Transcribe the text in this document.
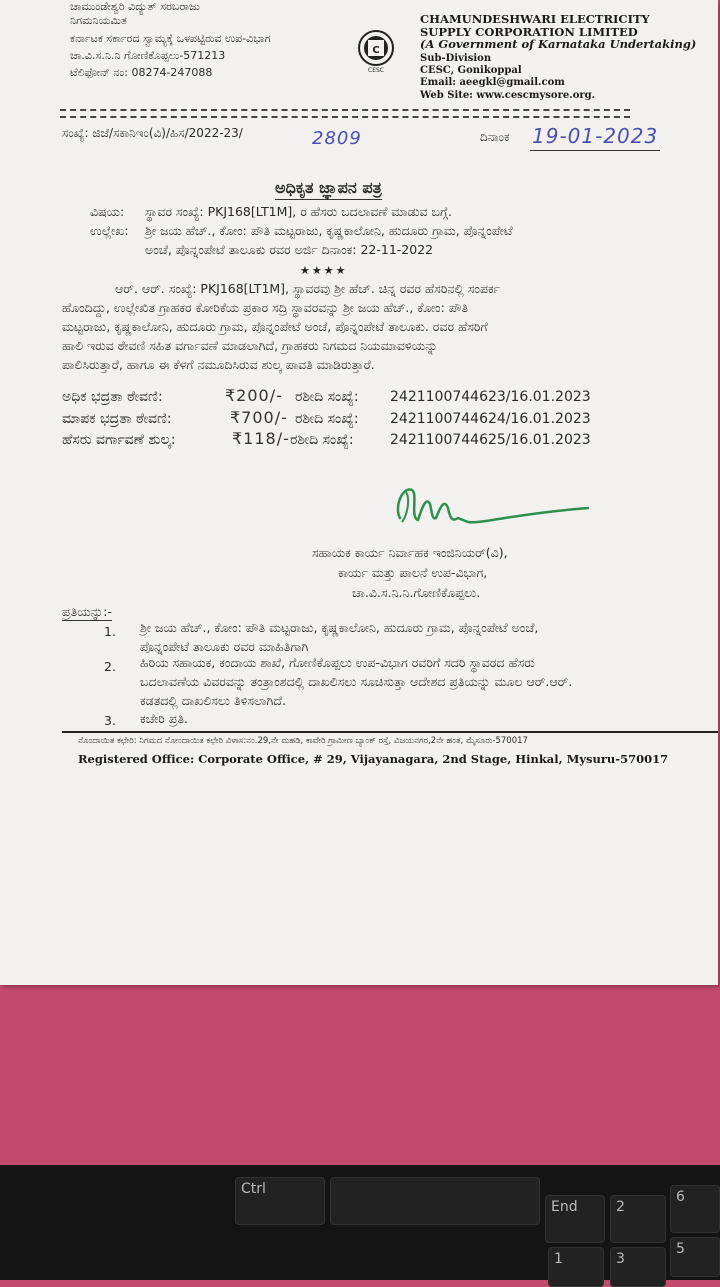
ಚಾಮುಂಡೇಶ್ವರಿ ವಿದ್ಯುತ್ ಸರಬರಾಜು
ನಿಗಮನಿಯಮಿತ
ಕರ್ನಾಟಕ ಸರ್ಕಾರದ ಸ್ವಾಮ್ಯಕ್ಕೆ ಒಳಪಟ್ಟಿರುವ ಉಪ-ವಿಭಾಗ
ಚಾ.ವಿ.ಸ.ನಿ.ನಿ ಗೋಣಿಕೊಪ್ಪಲು-571213
ಟೆಲಿಫೋನ್ ನಂ: 08274-247088
C
CESC
CHAMUNDESHWARI ELECTRICITY
SUPPLY CORPORATION LIMITED
(A Government of Karnataka Undertaking)
Sub-Division
CESC, Gonikoppal
Email: aeegkl@gmail.com
Web Site: www.cescmysore.org.
ಸಂಖ್ಯೆ: ಜಿಜೆ/ಸಕಾನಿಇಂ(ವಿ)/ಹಿಸ/2022-23/	2809	ದಿನಾಂಕ 19-01-2023
ಅಧಿಕೃತ ಜ್ಞಾಪನ ಪತ್ರ
ವಿಷಯ: ಸ್ಥಾವರ ಸಂಖ್ಯೆ: PKJ168[LT1M], ರ ಹೆಸರು ಬದಲಾವಣೆ ಮಾಡುವ ಬಗ್ಗೆ.
ಉಲ್ಲೇಖ: ಶ್ರೀ ಜಯ ಹೆಚ್., ಕೋಂ: ಪೌತಿ ಮಟ್ಟರಾಜು, ಕೃಷ್ಣಕಾಲೋನಿ, ಹುದೂರು ಗ್ರಾಮ, ಪೊನ್ನಂಪೇಟೆ
ಅಂಚೆ, ಪೊನ್ನಂಪೇಟೆ ತಾಲೂಕು ರವರ ಅರ್ಜಿ ದಿನಾಂಕ: 22-11-2022
★★★★
ಆರ್. ಆರ್. ಸಂಖ್ಯೆ: PKJ168[LT1M], ಸ್ಥಾವರವು ಶ್ರೀ ಹೆಚ್. ಚಿನ್ನ ರವರ ಹೆಸರಿನಲ್ಲಿ ಸಂಪರ್ಕ
ಹೊಂದಿದ್ದು, ಉಲ್ಲೇಖಿತ ಗ್ರಾಹಕರ ಕೋರಿಕೆಯ ಪ್ರಕಾರ ಸದ್ರಿ ಸ್ಥಾವರವನ್ನು ಶ್ರೀ ಜಯ ಹೆಚ್., ಕೋಂ: ಪೌತಿ
ಮಟ್ಟರಾಜು, ಕೃಷ್ಣಕಾಲೋನಿ, ಹುದೂರು ಗ್ರಾಮ, ಪೊನ್ನಂಪೇಟೆ ಅಂಚೆ, ಪೊನ್ನಂಪೇಟೆ ತಾಲೂಕು. ರವರ ಹೆಸರಿಗೆ
ಹಾಲಿ ಇರುವ ಠೇವಣಿ ಸಹಿತ ವರ್ಗಾವಣೆ ಮಾಡಲಾಗಿದೆ, ಗ್ರಾಹಕರು ನಿಗಮದ ನಿಯಮಾವಳಿಯನ್ನು
ಪಾಲಿಸಿರುತ್ತಾರೆ, ಹಾಗೂ ಈ ಕೆಳಗೆ ನಮೂದಿಸಿರುವ ಶುಲ್ಕ ಪಾವತಿ ಮಾಡಿರುತ್ತಾರೆ.
ಅಧಿಕ ಭದ್ರತಾ ಠೇವಣಿ:	₹200/- ರಶೀದಿ ಸಂಖ್ಯೆ: 2421100744623/16.01.2023
ಮಾಪಕ ಭದ್ರತಾ ಠೇವಣಿ:	₹700/- ರಶೀದಿ ಸಂಖ್ಯೆ: 2421100744624/16.01.2023
ಹೆಸರು ವರ್ಗಾವಣೆ ಶುಲ್ಕ:	₹118/- ರಶೀದಿ ಸಂಖ್ಯೆ:	2421100744625/16.01.2023
ಸಹಾಯಕ ಕಾರ್ಯ ನಿರ್ವಾಹಕ ಇಂಜಿನಿಯರ್(ವಿ),
ಕಾರ್ಯ ಮತ್ತು ಪಾಲನೆ ಉಪ-ವಿಭಾಗ,
ಚಾ.ವಿ.ಸ.ನಿ.ನಿ.ಗೋಣಿಕೊಪ್ಪಲು.
ಪ್ರತಿಯನ್ನು:-
1. ಶ್ರೀ ಜಯ ಹೆಚ್., ಕೋಂ: ಪೌತಿ ಮಟ್ಟರಾಜು, ಕೃಷ್ಣಕಾಲೋನಿ, ಹುದೂರು ಗ್ರಾಮ, ಪೊನ್ನಂಪೇಟೆ ಅಂಚೆ,
ಪೊನ್ನಂಪೇಟೆ ತಾಲೂಕು ರವರ ಮಾಹಿತಿಗಾಗಿ
2. ಹಿರಿಯ ಸಹಾಯಕ, ಕಂದಾಯ ಶಾಖೆ, ಗೋಣಿಕೊಪ್ಪಲು ಉಪ-ವಿಭಾಗ ರವರಿಗೆ ಸದರಿ ಸ್ಥಾವರದ ಹೆಸರು
ಬದಲಾವಣೆಯ ವಿವರವನ್ನು ತಂತ್ರಾಂಶದಲ್ಲಿ ದಾಖಲಿಸಲು ಸೂಚಿಸುತ್ತಾ ಆದೇಶದ ಪ್ರತಿಯನ್ನು ಮೂಲ ಆರ್.ಆರ್.
ಕಡತದಲ್ಲಿ ದಾಖಲಿಸಲು ತಿಳಿಸಲಾಗಿದೆ.
3. ಕಚೇರಿ ಪ್ರತಿ.
ನೊಂದಾಯಿತ ಕಛೇರಿ: ನಿಗಮದ ನೋಂದಾಯಿತ ಕಛೇರಿ ವಿಳಾಸ:ನಂ.29,ನೇ ಮಹಡಿ, ಕಾವೇರಿ ಗ್ರಾಮೀಣ ಬ್ಯಾಂಕ್ ರಸ್ತೆ, ವಿಜಯನಗರ,2ನೇ ಹಂತ, ಮೈಸೂರು-570017
Registered Office: Corporate Office, # 29, Vijayanagara, 2nd Stage, Hinkal, Mysuru-570017
Ctrl
End	2
6
1	3
5
